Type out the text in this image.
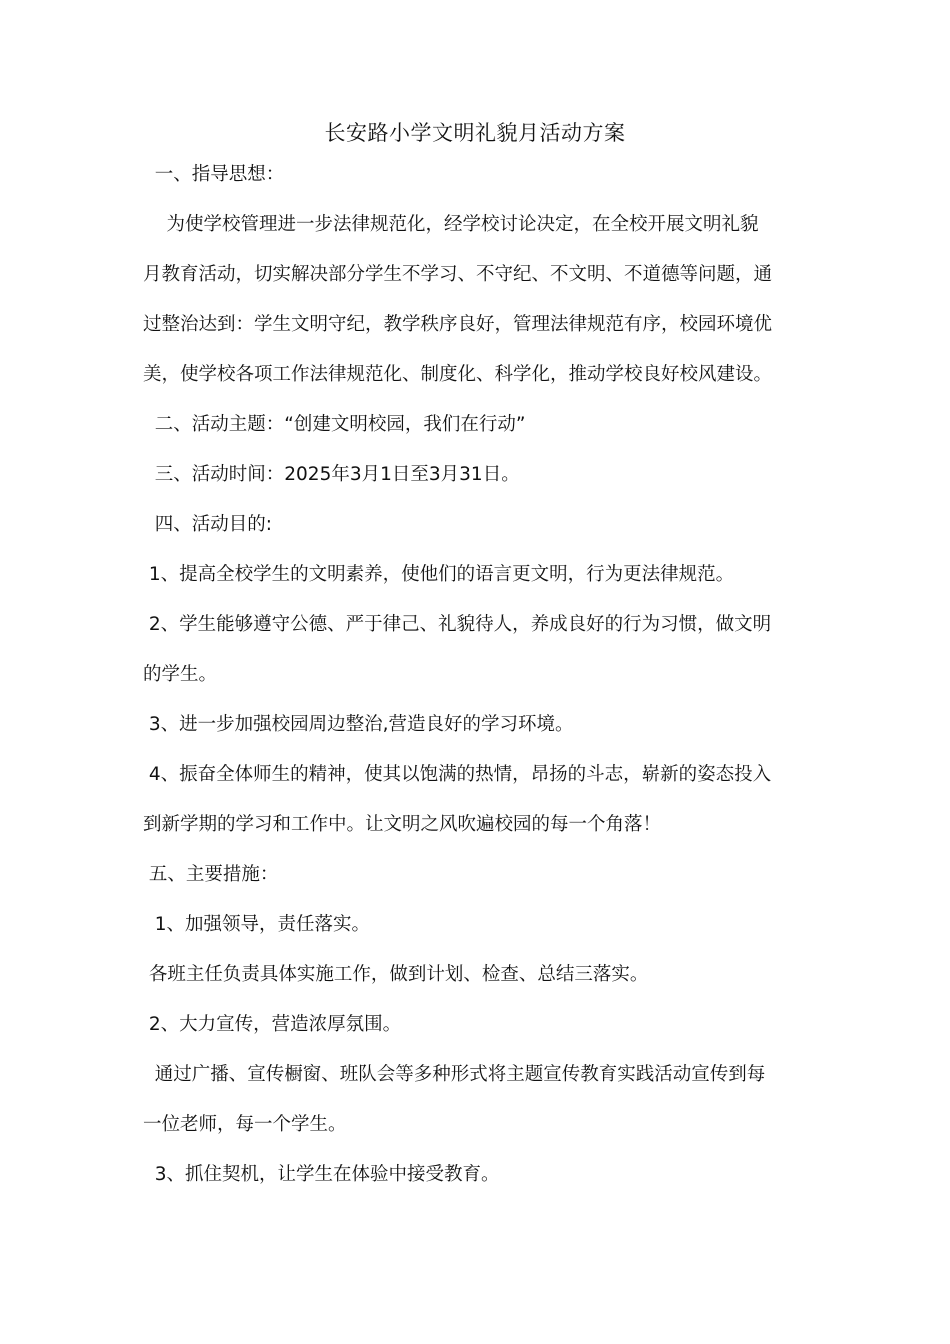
长安路小学文明礼貌月活动方案
一、指导思想：
为使学校管理进一步法律规范化，经学校讨论决定，在全校开展文明礼貌
月教育活动，切实解决部分学生不学习、不守纪、不文明、不道德等问题，通
过整治达到：学生文明守纪，教学秩序良好，管理法律规范有序，校园环境优
美，使学校各项工作法律规范化、制度化、科学化，推动学校良好校风建设。
二、活动主题：“创建文明校园，我们在行动”
三、活动时间：2025年3月1日至3月31日。
四、活动目的:
1、提高全校学生的文明素养，使他们的语言更文明，行为更法律规范。
2、学生能够遵守公德、严于律己、礼貌待人，养成良好的行为习惯，做文明
的学生。
3、进一步加强校园周边整治,营造良好的学习环境。
4、振奋全体师生的精神，使其以饱满的热情，昂扬的斗志，崭新的姿态投入
到新学期的学习和工作中。让文明之风吹遍校园的每一个角落！
五、主要措施：
1、加强领导，责任落实。
各班主任负责具体实施工作，做到计划、检查、总结三落实。
2、大力宣传，营造浓厚氛围。
通过广播、宣传橱窗、班队会等多种形式将主题宣传教育实践活动宣传到每
一位老师，每一个学生。
3、抓住契机，让学生在体验中接受教育。
